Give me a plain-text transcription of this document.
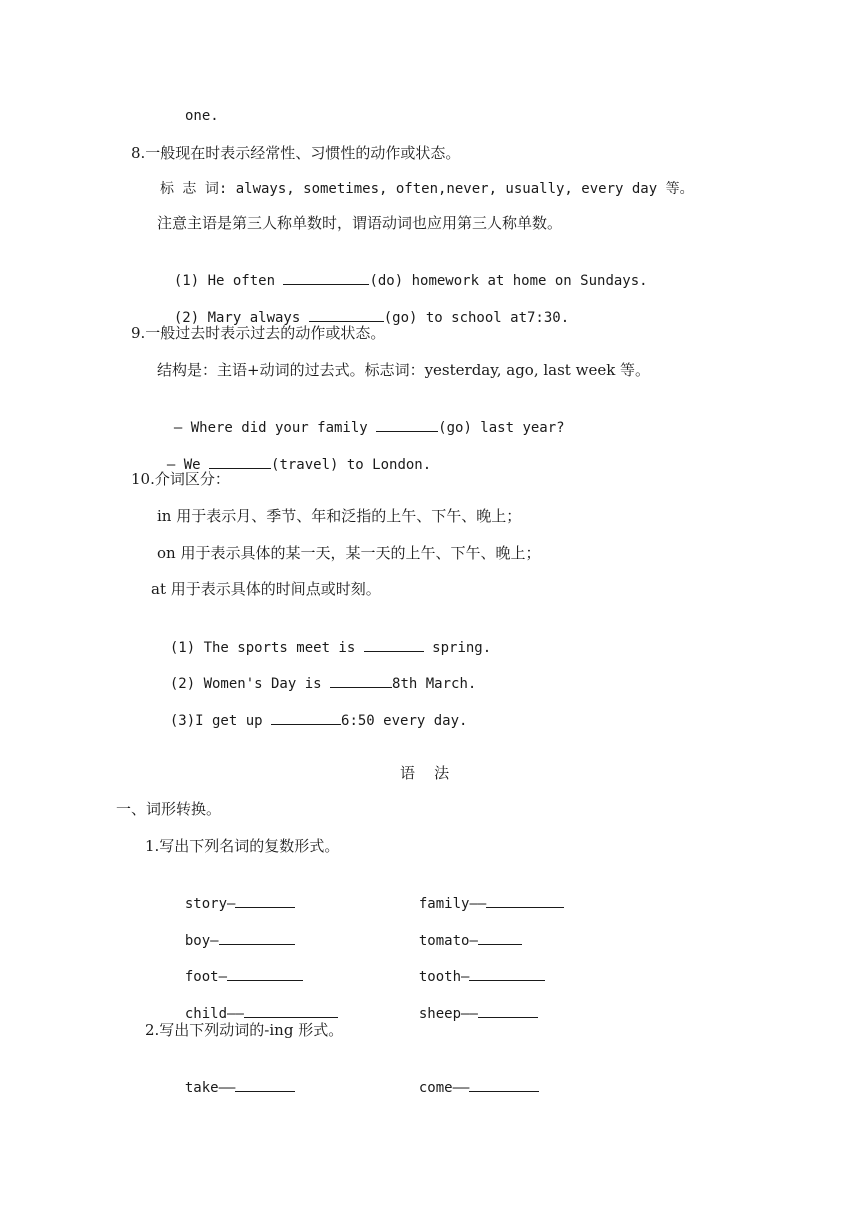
one.
8.一般现在时表示经常性、习惯性的动作或状态。
标 志 词: always, sometimes, often,never, usually, every day 等。
注意主语是第三人称单数时，谓语动词也应用第三人称单数。

(1) He often	(do) homework at home on Sundays.

(2) Mary always	(go) to school at7:30.

9.一般过去时表示过去的动作或状态。
结构是：主语+动词的过去式。标志词：yesterday, ago, last week 等。

— Where did your family	(go) last year?

— We	(travel) to London.

10.介词区分：
in 用于表示月、季节、年和泛指的上午、下午、晚上；
on 用于表示具体的某一天，某一天的上午、下午、晚上；
at 用于表示具体的时间点或时刻。

(1) The sports meet is	spring.

(2) Women's Day is	8th March.

(3)I get up	6:50 every day.

语    法
一、词形转换。
1.写出下列名词的复数形式。

story—	family——

boy—	tomato—

foot—	tooth—

child——	sheep——

2.写出下列动词的-ing 形式。

take——	come——
